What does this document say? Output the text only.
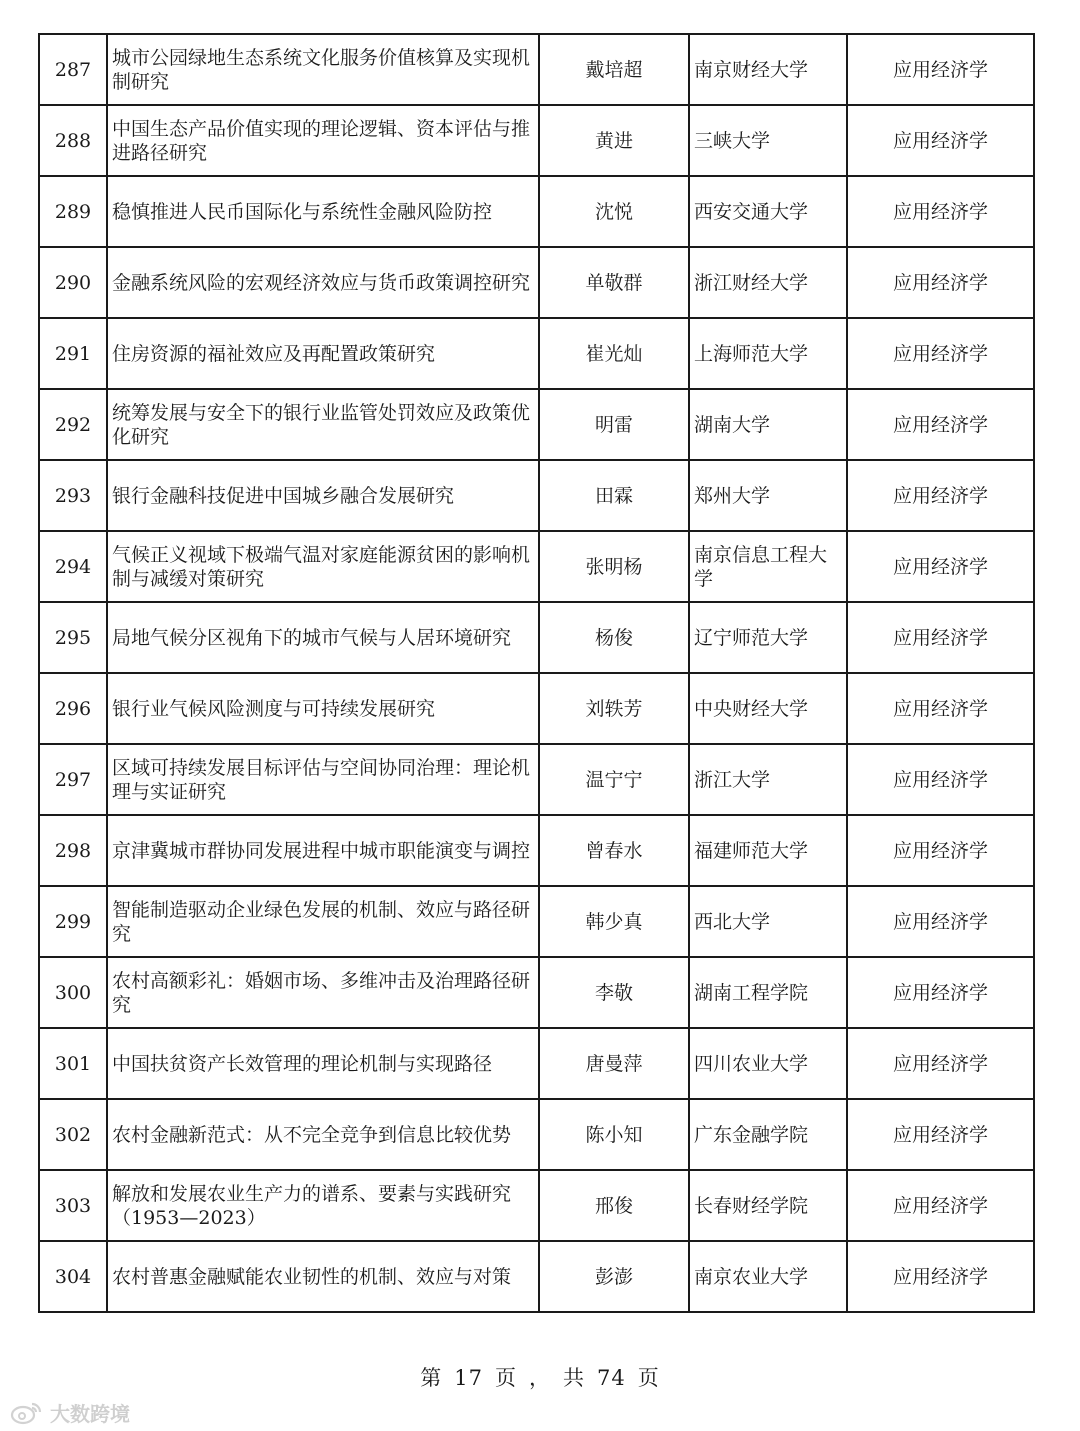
287	城市公园绿地生态系统文化服务价值核算及实现机制研究	戴培超	南京财经大学	应用经济学
288	中国生态产品价值实现的理论逻辑、资本评估与推进路径研究	黄进	三峡大学	应用经济学
289	稳慎推进人民币国际化与系统性金融风险防控	沈悦	西安交通大学	应用经济学
290	金融系统风险的宏观经济效应与货币政策调控研究	单敬群	浙江财经大学	应用经济学
291	住房资源的福祉效应及再配置政策研究	崔光灿	上海师范大学	应用经济学
292	统筹发展与安全下的银行业监管处罚效应及政策优化研究	明雷	湖南大学	应用经济学
293	银行金融科技促进中国城乡融合发展研究	田霖	郑州大学	应用经济学
294	气候正义视域下极端气温对家庭能源贫困的影响机制与减缓对策研究	张明杨	南京信息工程大学	应用经济学
295	局地气候分区视角下的城市气候与人居环境研究	杨俊	辽宁师范大学	应用经济学
296	银行业气候风险测度与可持续发展研究	刘轶芳	中央财经大学	应用经济学
297	区域可持续发展目标评估与空间协同治理：理论机理与实证研究	温宁宁	浙江大学	应用经济学
298	京津冀城市群协同发展进程中城市职能演变与调控	曾春水	福建师范大学	应用经济学
299	智能制造驱动企业绿色发展的机制、效应与路径研究	韩少真	西北大学	应用经济学
300	农村高额彩礼：婚姻市场、多维冲击及治理路径研究	李敬	湖南工程学院	应用经济学
301	中国扶贫资产长效管理的理论机制与实现路径	唐曼萍	四川农业大学	应用经济学
302	农村金融新范式：从不完全竞争到信息比较优势	陈小知	广东金融学院	应用经济学
303	解放和发展农业生产力的谱系、要素与实践研究（1953—2023）	邢俊	长春财经学院	应用经济学
304	农村普惠金融赋能农业韧性的机制、效应与对策	彭澎	南京农业大学	应用经济学
第 17 页 ， 共 74 页
大数跨境
